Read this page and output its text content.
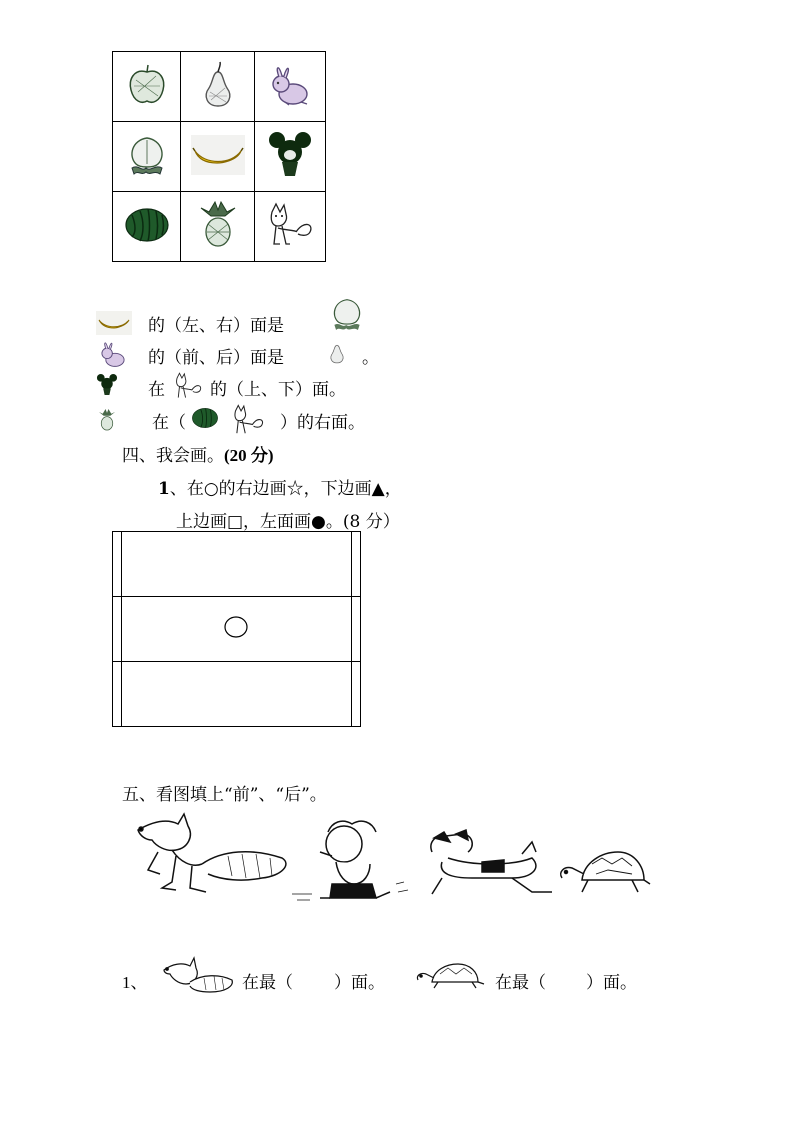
的（左、右）面是
的（前、后）面是	。
在	的（上、下）面。
在（	）的右面。
四、我会画。(20 分)
1、在○的右边画☆，下边画▲，
上边画□，左面画●。(8 分）

五、看图填上“前”、“后”。
1、	在最（ ）面。	在最（ ）面。
